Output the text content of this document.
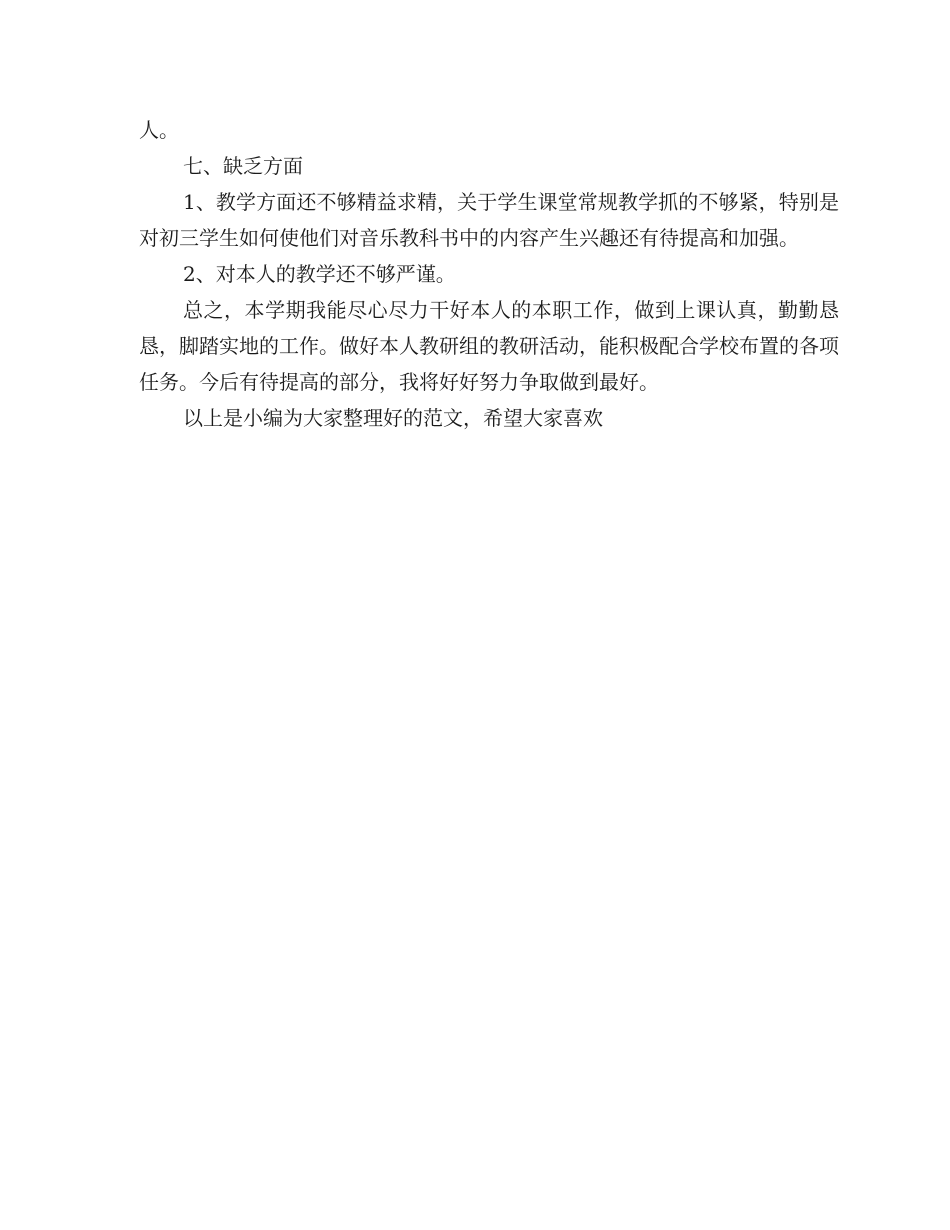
人。

七、缺乏方面

1、教学方面还不够精益求精，关于学生课堂常规教学抓的不够紧，特别是对初三学生如何使他们对音乐教科书中的内容产生兴趣还有待提高和加强。

2、对本人的教学还不够严谨。

总之，本学期我能尽心尽力干好本人的本职工作，做到上课认真，勤勤恳恳，脚踏实地的工作。做好本人教研组的教研活动，能积极配合学校布置的各项任务。今后有待提高的部分，我将好好努力争取做到最好。

以上是小编为大家整理好的范文，希望大家喜欢
